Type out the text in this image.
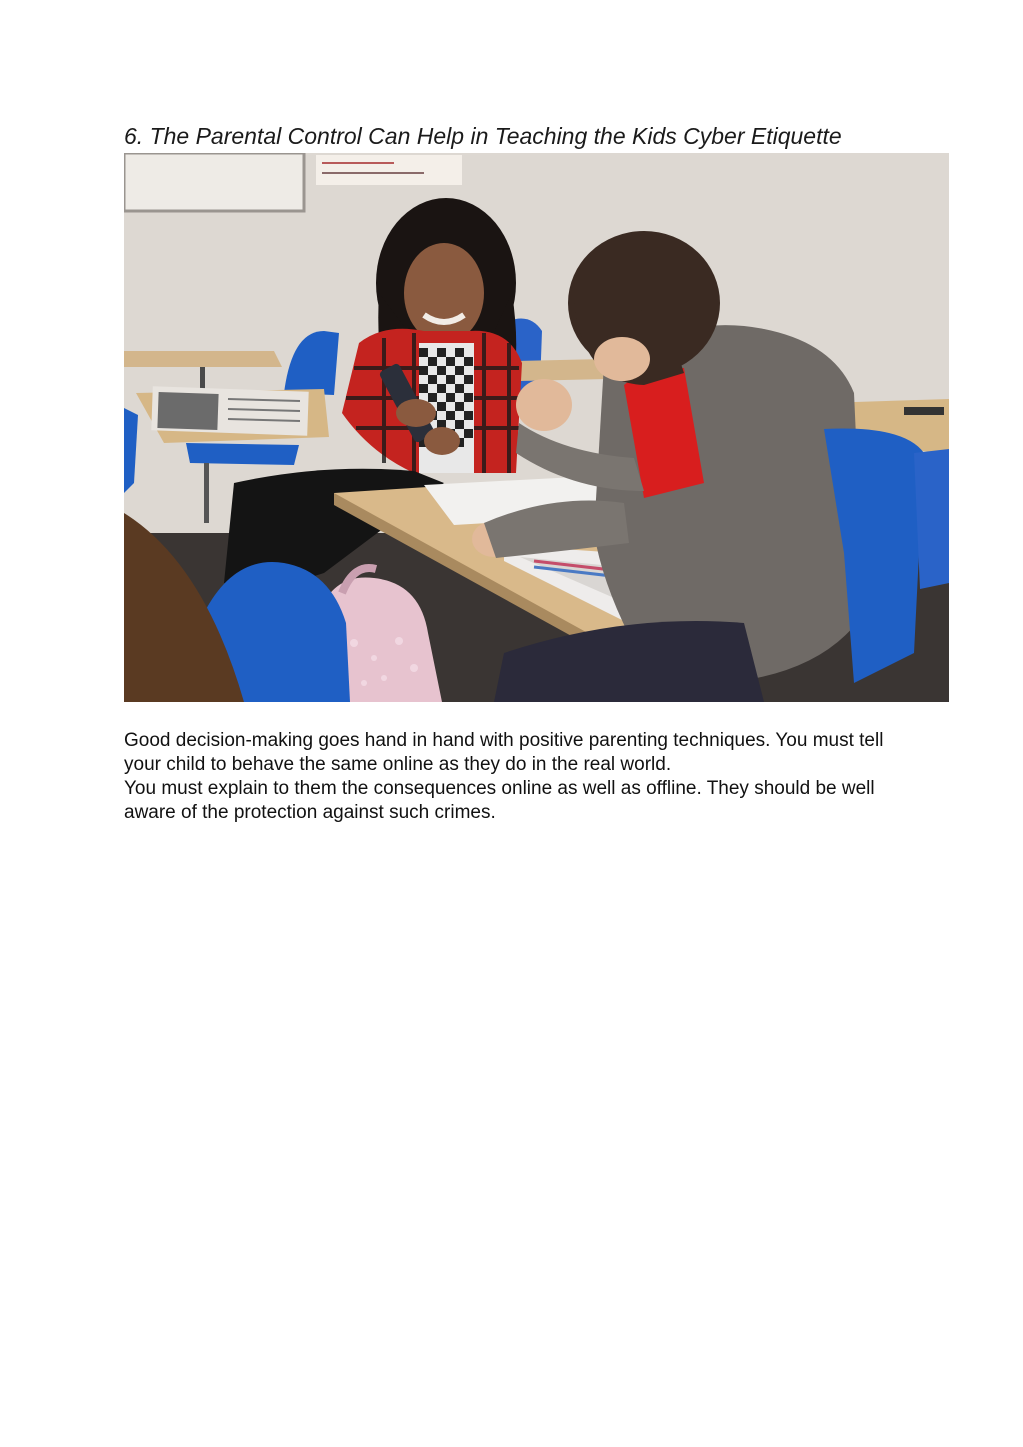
6. The Parental Control Can Help in Teaching the Kids Cyber Etiquette

Good decision-making goes hand in hand with positive parenting techniques. You must tell your child to behave the same online as they do in the real world.

You must explain to them the consequences online as well as offline. They should be well aware of the protection against such crimes.
